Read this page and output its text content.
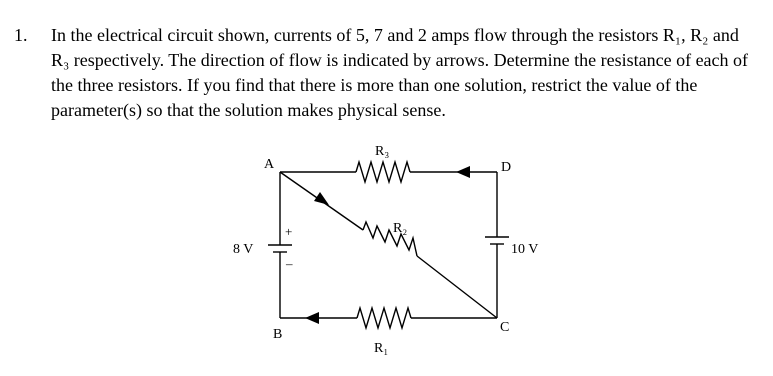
1. In the electrical circuit shown, currents of 5, 7 and 2 amps flow through the resistors R₁, R₂ and R₃ respectively. The direction of flow is indicated by arrows. Determine the resistance of each of the three resistors. If you find that there is more than one solution, restrict the value of the parameter(s) so that the solution makes physical sense.
A
B	C
D
R₁
R₂
R₃
8 V	10 V
+
–
